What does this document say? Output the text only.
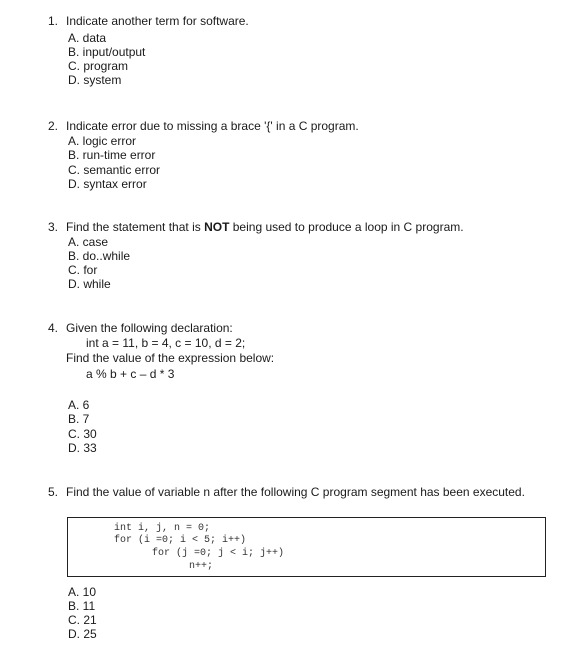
1. Indicate another term for software.
A. data
B. input/output
C. program
D. system
2. Indicate error due to missing a brace '{' in a C program.
A. logic error
B. run-time error
C. semantic error
D. syntax error
3. Find the statement that is NOT being used to produce a loop in C program.
A. case
B. do..while
C. for
D. while
4. Given the following declaration:
int a = 11, b = 4, c = 10, d = 2;
Find the value of the expression below:
a % b + c – d * 3
A. 6
B. 7
C. 30
D. 33
5. Find the value of variable n after the following C program segment has been executed.
int i, j, n = 0;
for (i =0; i < 5; i++)
for (j =0; j < i; j++)
n++;
A. 10
B. 11
C. 21
D. 25
